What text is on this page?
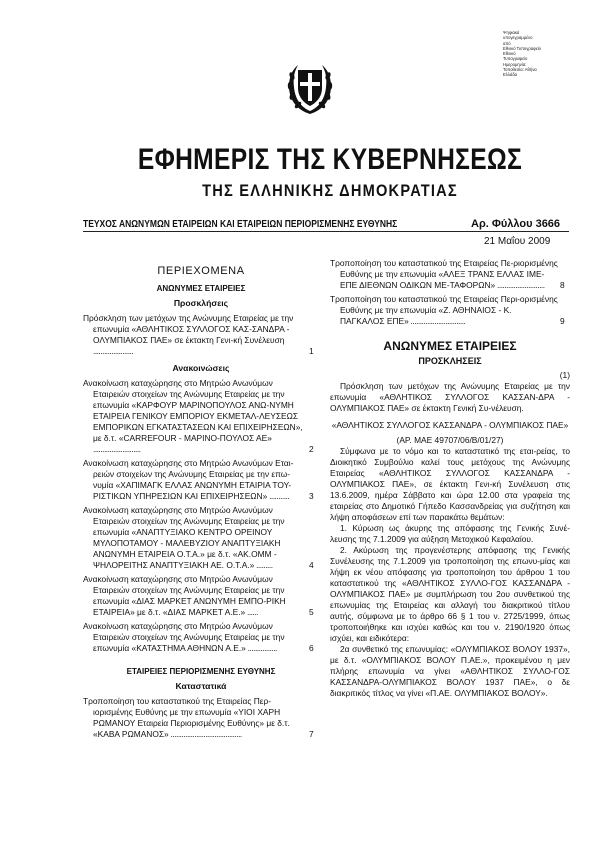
Ψηφιακά
υπογεγραμμένο
από
Εθνικό Τυπογραφείο
Εθνικό
Τυπογραφείο
Ημερομηνία:
Τοποθεσία: Αθήνα
Ελλάδα
ΕΦΗΜΕΡΙΣ ΤΗΣ ΚΥΒΕΡΝΗΣΕΩΣ
ΤΗΣ ΕΛΛΗΝΙΚΗΣ ΔΗΜΟΚΡΑΤΙΑΣ
ΤΕΥΧΟΣ ΑΝΩΝΥΜΩΝ ΕΤΑΙΡΕΙΩΝ ΚΑΙ ΕΤΑΙΡΕΙΩΝ ΠΕΡΙΟΡΙΣΜΕΝΗΣ ΕΥΘΥΝΗΣ	Αρ. Φύλλου 3666
21 Μαΐου 2009

ΠΕΡΙΕΧΟΜΕΝΑ

ΑΝΩΝΥΜΕΣ ΕΤΑΙΡΕΙΕΣ

Προσκλήσεις

Πρόσκληση των μετόχων της Ανώνυμης Εταιρείας με την επωνυμία «ΑΘΛΗΤΙΚΟΣ ΣΥΛΛΟΓΟΣ ΚΑΣ-ΣΑΝΔΡΑ - ΟΛΥΜΠΙΑΚΟΣ ΠΑΕ» σε έκτακτη Γενι-κή Συνέλευση ......................	1

Ανακοινώσεις

Ανακοίνωση καταχώρησης στο Μητρώο Ανωνύμων Εταιρειών στοιχείων της Ανώνυμης Εταιρείας με την επωνυμία «ΚΑΡΦΟΥΡ ΜΑΡΙΝΟΠΟΥΛΟΣ ΑΝΩ-ΝΥΜΗ ΕΤΑΙΡΕΙΑ ΓΕΝΙΚΟΥ ΕΜΠΟΡΙΟΥ ΕΚΜΕΤΑΛ-ΛΕΥΣΕΩΣ ΕΜΠΟΡΙΚΩΝ ΕΓΚΑΤΑΣΤΑΣΕΩΝ ΚΑΙ ΕΠΙΧΕΙΡΗΣΕΩΝ», με δ.τ. «CARREFOUR - ΜΑΡΙΝΟ-ΠΟΥΛΟΣ ΑΕ» ..........................	2

Ανακοίνωση καταχώρησης στο Μητρώο Ανωνύμων Εται-ρειών στοιχείων της Ανώνυμης Εταιρείας με την επω-νυμία «ΧΑΠΙΜΑΓΚ ΕΛΛΑΣ ΑΝΩΝΥΜΗ ΕΤΑΙΡΙΑ ΤΟΥ-ΡΙΣΤΙΚΩΝ ΥΠΗΡΕΣΙΩΝ ΚΑΙ ΕΠΙΧΕΙΡΗΣΕΩΝ» ........... 3

Ανακοίνωση καταχώρησης στο Μητρώο Ανωνύμων Εταιρειών στοιχείων της Ανώνυμης Εταιρείας με την επωνυμία «ΑΝΑΠΤΥΞΙΑΚΟ ΚΕΝΤΡΟ ΟΡΕΙΝΟΥ ΜΥΛΟΠΟΤΑΜΟΥ - ΜΑΛΕΒΥΖΙΟΥ ΑΝΑΠΤΥΞΙΑΚΗ ΑΝΩΝΥΜΗ ΕΤΑΙΡΕΙΑ Ο.Τ.Α.» με δ.τ. «ΑΚ.ΟΜΜ - ΨΗΛΟΡΕΙΤΗΣ ΑΝΑΠΤΥΞΙΑΚΗ ΑΕ. Ο.Τ.Α.» .........	4

Ανακοίνωση καταχώρησης στο Μητρώο Ανωνύμων Εταιρειών στοιχείων της Ανώνυμης Εταιρείας με την επωνυμία «ΔΙΑΣ ΜΑΡΚΕΤ ΑΝΩΝΥΜΗ ΕΜΠΟ-ΡΙΚΗ ΕΤΑΙΡΕΙΑ» με δ.τ. «ΔΙΑΣ ΜΑΡΚΕΤ Α.Ε.» ......	5

Ανακοίνωση καταχώρησης στο Μητρώο Ανωνύμων Εταιρειών στοιχείων της Ανώνυμης Εταιρείας με την επωνυμία «ΚΑΤΑΣΤΗΜΑ ΑΘΗΝΩΝ Α.Ε.» ................	6

ΕΤΑΙΡΕΙΕΣ ΠΕΡΙΟΡΙΣΜΕΝΗΣ ΕΥΘΥΝΗΣ

Καταστατικά

Τροποποίηση του καταστατικού της Εταιρείας Περ-ιορισμένης Ευθύνης με την επωνυμία «ΥΙΟΙ ΧΑΡΗ ΡΩΜΑΝΟΥ Εταιρεία Περιορισμένης Ευθύνης» με δ.τ. «ΚΑΒΑ ΡΩΜΑΝΟΣ» .......................................	7

Τροποποίηση του καταστατικού της Εταιρείας Πε-ριορισμένης Ευθύνης με την επωνυμία «ΑΛΕΞ ΤΡΑΝΣ ΕΛΛΑΣ ΙΜΕ-ΕΠΕ ΔΙΕΘΝΩΝ ΟΔΙΚΩΝ ΜΕ-ΤΑΦΟΡΩΝ» .......................... 8

Τροποποίηση του καταστατικού της Εταιρείας Περι-ορισμένης Ευθύνης με την επωνυμία «Ζ. ΑΘΗΝΑΙΟΣ - Κ. ΠΑΓΚΑΛΟΣ ΕΠΕ» ..............................	9

ΑΝΩΝΥΜΕΣ ΕΤΑΙΡΕΙΕΣ

ΠΡΟΣΚΛΗΣΕΙΣ

(1)

Πρόσκληση των μετόχων της Ανώνυμης Εταιρείας με την επωνυμία «ΑΘΛΗΤΙΚΟΣ ΣΥΛΛΟΓΟΣ ΚΑΣΣΑΝ-ΔΡΑ - ΟΛΥΜΠΙΑΚΟΣ ΠΑΕ» σε έκτακτη Γενική Συ-νέλευση.

«ΑΘΛΗΤΙΚΟΣ ΣΥΛΛΟΓΟΣ ΚΑΣΣΑΝΔΡΑ - ΟΛΥΜΠΙΑΚΟΣ ΠΑΕ»

(ΑΡ. ΜΑΕ 49707/06/Β/01/27)

Σύμφωνα με το νόμο και το καταστατικό της εται-ρείας, το Διοικητικό Συμβούλιο καλεί τους μετόχους της Ανώνυμης Εταιρείας «ΑΘΛΗΤΙΚΟΣ ΣΥΛΛΟΓΟΣ ΚΑΣΣΑΝΔΡΑ - ΟΛΥΜΠΙΑΚΟΣ ΠΑΕ», σε έκτακτη Γενι-κή Συνέλευση στις 13.6.2009, ημέρα Σάββατο και ώρα 12.00 στα γραφεία της εταιρείας στο Δημοτικό Γήπεδο Κασσανδρείας για συζήτηση και λήψη αποφάσεων επί των παρακάτω θεμάτων:

1. Κύρωση ως άκυρης της απόφασης της Γενικής Συνέ-λευσης της 7.1.2009 για αύξηση Μετοχικού Κεφαλαίου.

2. Ακύρωση της προγενέστερης απόφασης της Γενικής Συνέλευσης της 7.1.2009 για τροποποίηση της επωνυ-μίας και λήψη εκ νέου απόφασης για τροποποίηση του άρθρου 1 του καταστατικού της «ΑΘΛΗΤΙΚΟΣ ΣΥΛΛΟ-ΓΟΣ ΚΑΣΣΑΝΔΡΑ - ΟΛΥΜΠΙΑΚΟΣ ΠΑΕ» με συμπλήρωση του 2ου συνθετικού της επωνυμίας της Εταιρείας και αλλαγή του διακριτικού τίτλου αυτής, σύμφωνα με το άρθρο 66 § 1 του ν. 2725/1999, όπως τροποποιήθηκε και ισχύει καθώς και του ν. 2190/1920 όπως ισχύει, και ειδικότερα:

2α συνθετικό της επωνυμίας: «ΟΛΥΜΠΙΑΚΟΣ ΒΟΛΟΥ 1937», με δ.τ. «ΟΛΥΜΠΙΑΚΟΣ ΒΟΛΟΥ Π.ΑΕ.», προκειμένου η μεν πλήρης επωνυμία να γίνει «ΑΘΛΗΤΙΚΟΣ ΣΥΛΛΟ-ΓΟΣ ΚΑΣΣΑΝΔΡΑ-ΟΛΥΜΠΙΑΚΟΣ ΒΟΛΟΥ 1937 ΠΑΕ», ο δε διακριτικός τίτλος να γίνει «Π.ΑΕ. ΟΛΥΜΠΙΑΚΟΣ ΒΟΛΟΥ».
